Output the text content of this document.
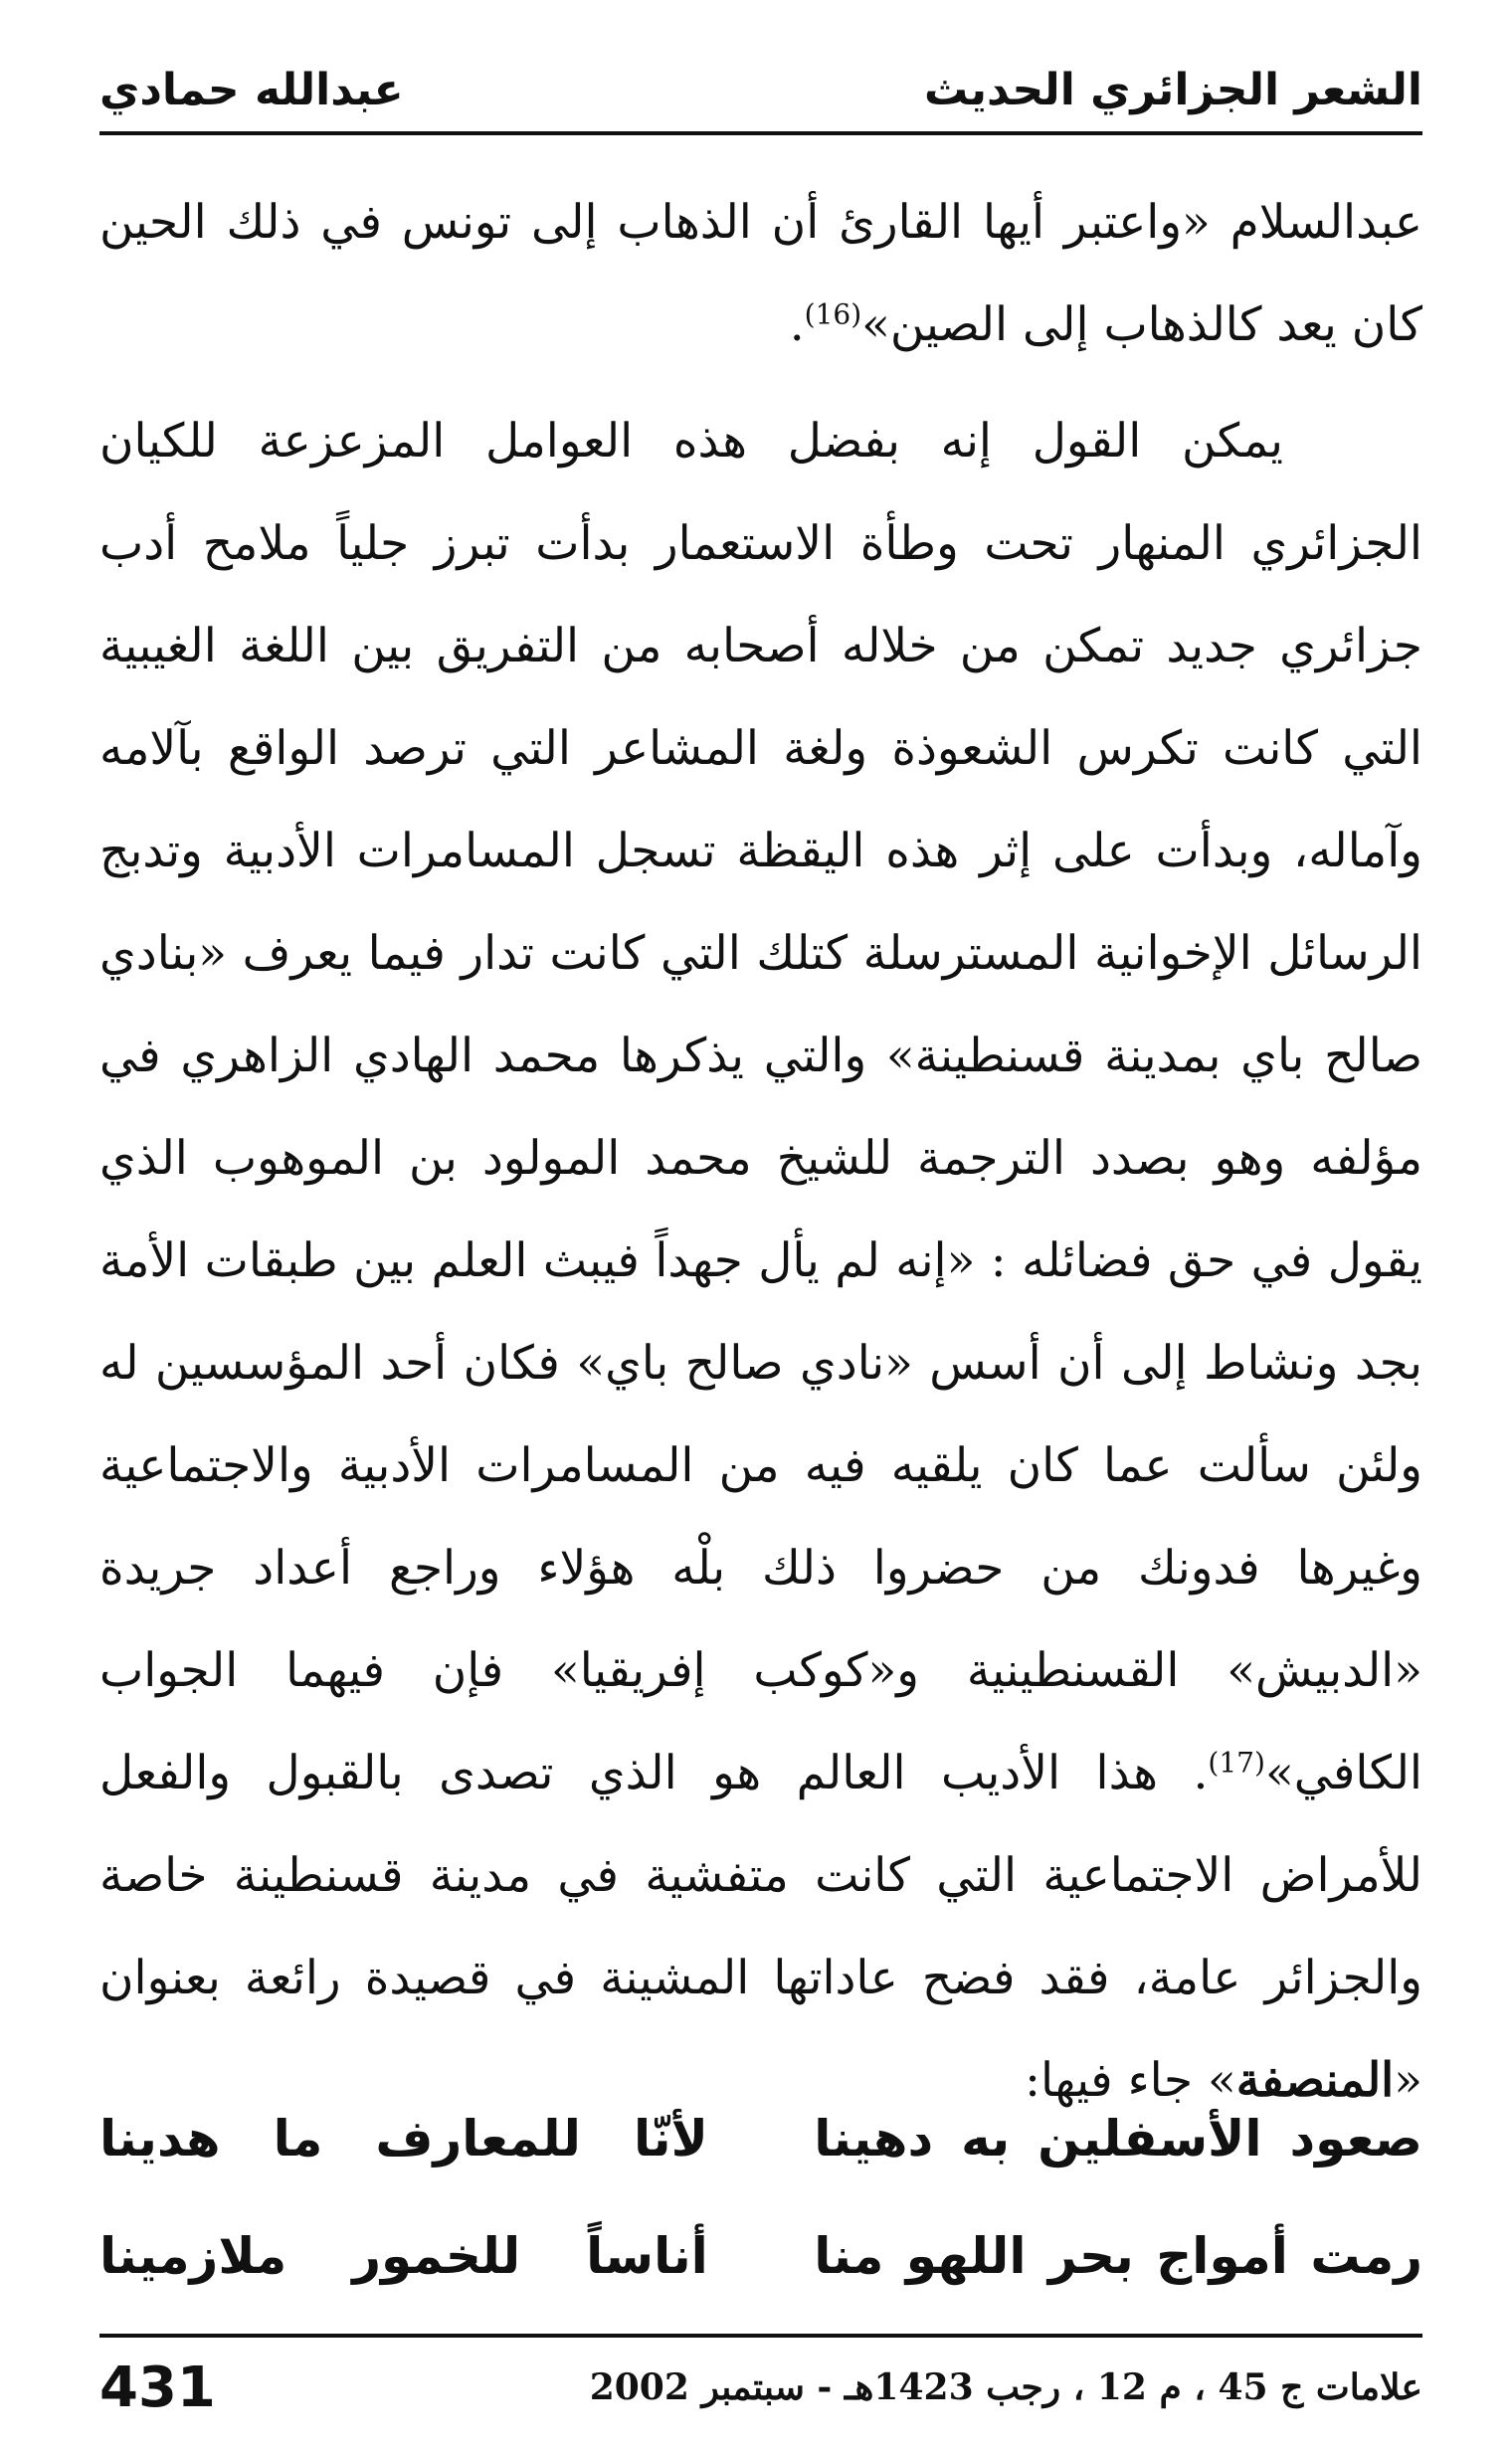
الشعر الجزائري الحديث
عبدالله حمادي

عبدالسلام «واعتبر أيها القارئ أن الذهاب إلى تونس في ذلك الحين كان يعد كالذهاب إلى الصين»$^{(16)}$.

يمكن القول إنه بفضل هذه العوامل المزعزعة للكيان الجزائري المنهار تحت وطأة الاستعمار بدأت تبرز جلياً ملامح أدب جزائري جديد تمكن من خلاله أصحابه من التفريق بين اللغة الغيبية التي كانت تكرس الشعوذة ولغة المشاعر التي ترصد الواقع بآلامه وآماله، وبدأت على إثر هذه اليقظة تسجل المسامرات الأدبية وتدبج الرسائل الإخوانية المسترسلة كتلك التي كانت تدار فيما يعرف «بنادي صالح باي بمدينة قسنطينة» والتي يذكرها محمد الهادي الزاهري في مؤلفه وهو بصدد الترجمة للشيخ محمد المولود بن الموهوب الذي يقول في حق فضائله : «إنه لم يأل جهداً فيبث العلم بين طبقات الأمة بجد ونشاط إلى أن أسس «نادي صالح باي» فكان أحد المؤسسين له ولئن سألت عما كان يلقيه فيه من المسامرات الأدبية والاجتماعية وغيرها فدونك من حضروا ذلك بلْه هؤلاء وراجع أعداد جريدة «الدبيش» القسنطينية و«كوكب إفريقيا» فإن فيهما الجواب الكافي»$^{(17)}$. هذا الأديب العالم هو الذي تصدى بالقبول والفعل للأمراض الاجتماعية التي كانت متفشية في مدينة قسنطينة خاصة والجزائر عامة، فقد فضح عاداتها المشينة في قصيدة رائعة بعنوان «المنصفة» جاء فيها:

صعود الأسفلين به دهينا
لأنّا للمعارف ما هدينا
رمت أمواج بحر اللهو منا
أناساً للخمور ملازمينا
431	علامات ج 45 ، م 12 ، رجب 1423هـ - سبتمبر 2002
